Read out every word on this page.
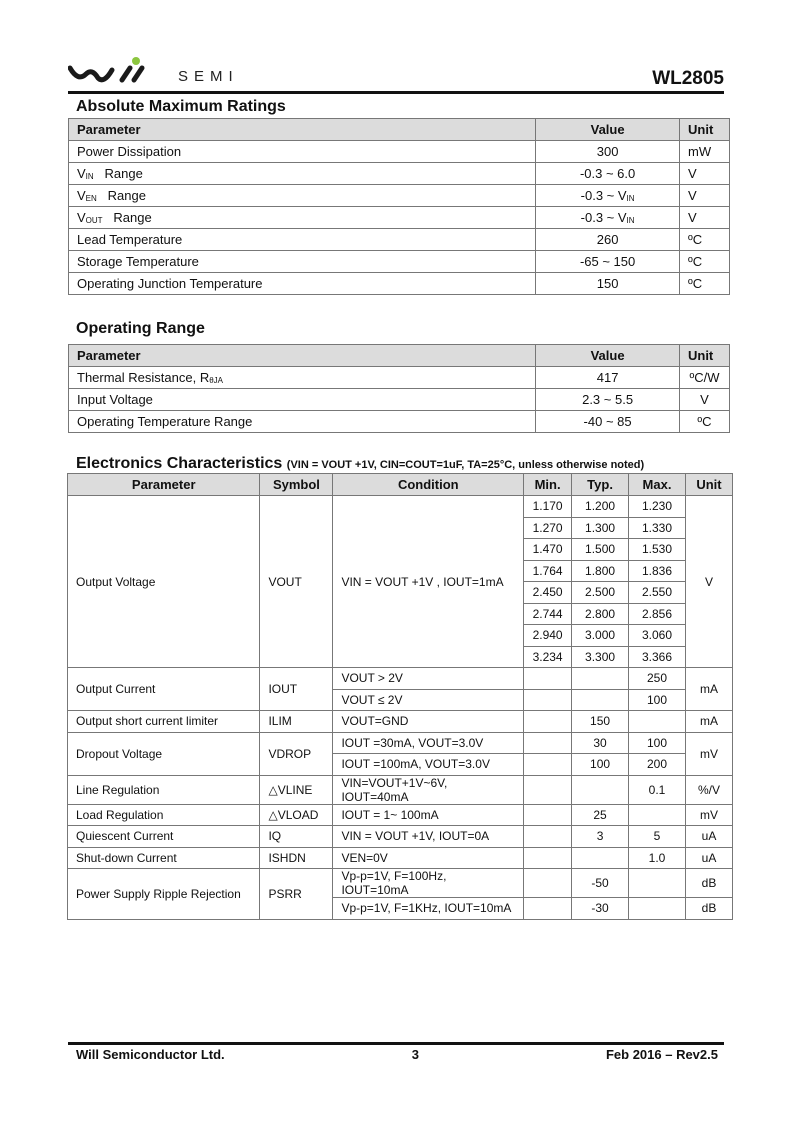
SEMI	WL2805
Absolute Maximum Ratings
Parameter	Value	Unit
Power Dissipation	300	mW
$V_{IN}$   Range	-0.3 ~ 6.0	V
$V_{EN}$   Range	-0.3 ~ $V_{IN}$	V
$V_{OUT}$   Range	-0.3 ~ $V_{IN}$	V
Lead Temperature	260	ºC
Storage Temperature	-65 ~ 150	ºC
Operating Junction Temperature	150	ºC
Operating Range
Parameter	Value	Unit
Thermal Resistance, $R_{\theta JA}$	417	ºC/W
Input Voltage	2.3 ~ 5.5	V
Operating Temperature Range	-40 ~ 85	ºC
Electronics Characteristics (VIN = VOUT +1V, CIN=COUT=1uF, TA=25°C, unless otherwise noted)
Parameter	Symbol	Condition	Min.	Typ.	Max.	Unit
Output Voltage	VOUT	VIN = VOUT +1V , IOUT=1mA	1.170	1.200	1.230	V
			1.270	1.300	1.330	
			1.470	1.500	1.530	
			1.764	1.800	1.836	
			2.450	2.500	2.550	
			2.744	2.800	2.856	
			2.940	3.000	3.060	
			3.234	3.300	3.366	
Output Current	IOUT	VOUT > 2V			250	mA
		VOUT ≤ 2V			100	
Output short current limiter	ILIM	VOUT=GND		150		mA
Dropout Voltage	VDROP	IOUT =30mA, VOUT=3.0V		30	100	mV
		IOUT =100mA, VOUT=3.0V		100	200	
Line Regulation	△VLINE	VIN=VOUT+1V~6V, IOUT=40mA			0.1	%/V
Load Regulation	△VLOAD	IOUT = 1~ 100mA		25		mV
Quiescent Current	IQ	VIN = VOUT +1V, IOUT=0A		3	5	uA
Shut-down Current	ISHDN	VEN=0V			1.0	uA
Power Supply Ripple Rejection	PSRR	Vp-p=1V, F=100Hz, IOUT=10mA		-50		dB
		Vp-p=1V, F=1KHz, IOUT=10mA		-30		dB
Will Semiconductor Ltd.	3	Feb 2016 – Rev2.5
